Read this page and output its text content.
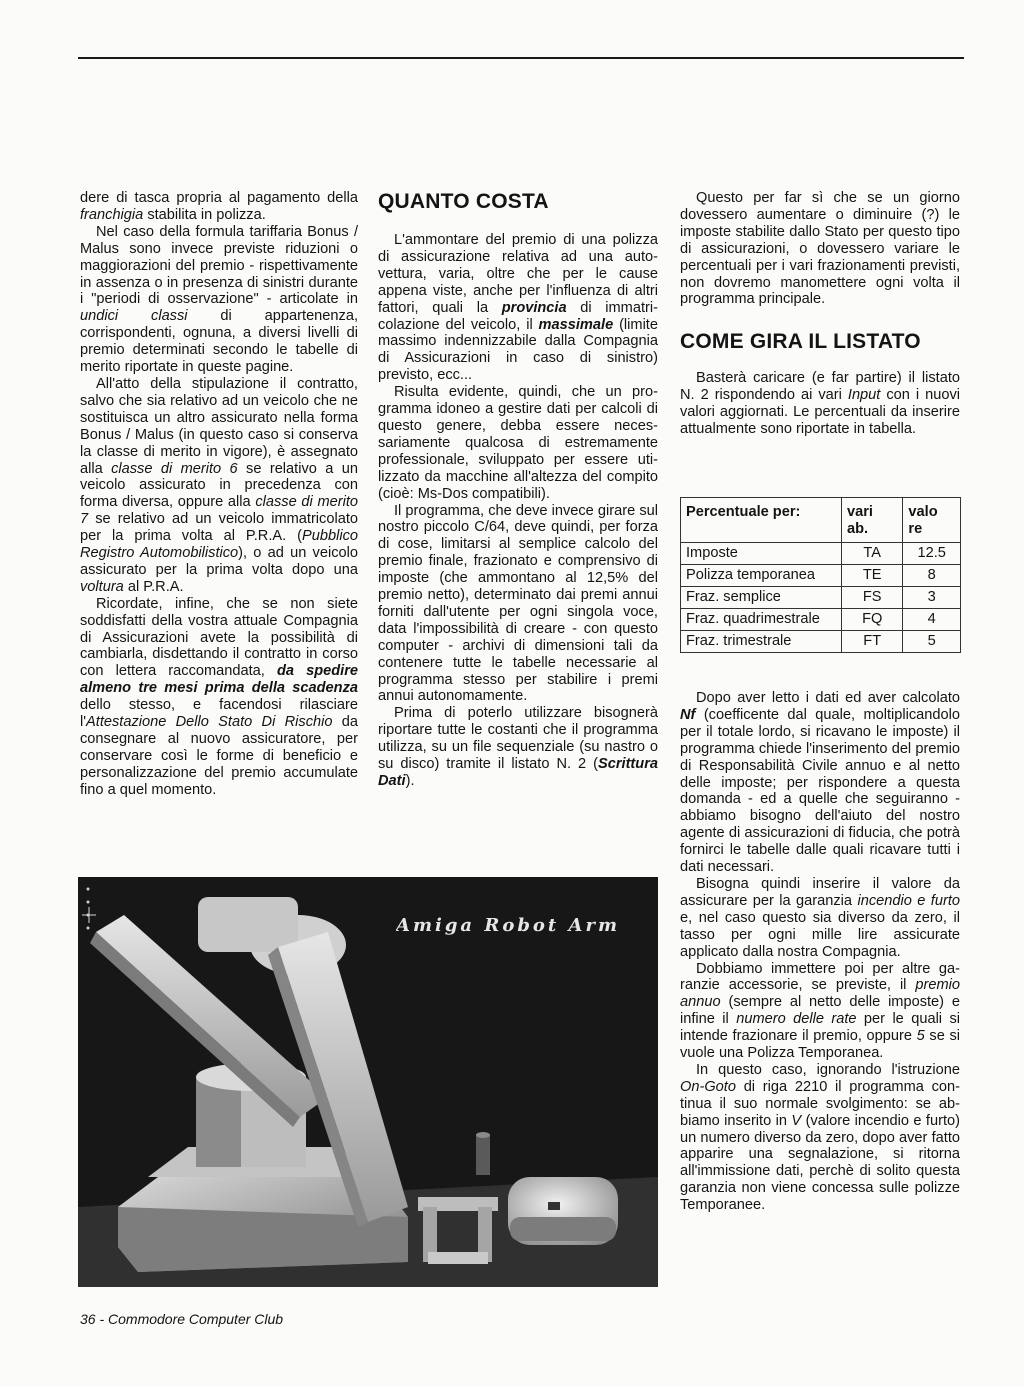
dere di tasca propria al pagamento della franchigia stabilita in polizza.

Nel caso della formula tariffaria Bonus / Malus sono invece previste riduzioni o maggiorazioni del premio - rispettivamente in assenza o in presenza di sinistri durante i "periodi di osservazione" - articolate in undici classi di appartenenza, corrispondenti, ognuna, a diversi livelli di premio determinati secondo le tabelle di merito riportate in queste pagine.

All'atto della stipulazione il contratto, salvo che sia relativo ad un veicolo che ne sostituisca un altro assicurato nella forma Bonus / Malus (in questo caso si conserva la classe di merito in vigore), è assegnato alla classe di merito 6 se relativo a un veicolo assicurato in precedenza con forma diversa, oppure alla classe di merito 7 se relativo ad un veicolo immatricolato per la prima volta al P.R.A. (Pubblico Registro Automobilistico), o ad un veicolo assicurato per la prima volta dopo una voltura al P.R.A.

Ricordate, infine, che se non siete soddisfatti della vostra attuale Compagnia di Assicurazioni avete la possibilità di cambiarla, disdettando il contratto in corso con lettera raccomandata, da spedire almeno tre mesi prima della scadenza dello stesso, e facendosi rilasciare l'Attestazione Dello Stato Di Rischio da consegnare al nuovo assicuratore, per conservare così le forme di beneficio e personalizzazione del premio accumulate fino a quel momento.

QUANTO COSTA

L'ammontare del premio di una polizza di assicurazione relativa ad una autovettura, varia, oltre che per le cause appena viste, anche per l'influenza di altri fattori, quali la provincia di immatricolazione del veicolo, il massimale (limite massimo indennizzabile dalla Compagnia di Assicurazioni in caso di sinistro) previsto, ecc...

Risulta evidente, quindi, che un programma idoneo a gestire dati per calcoli di questo genere, debba essere necessariamente qualcosa di estremamente professionale, sviluppato per essere utilizzato da macchine all'altezza del compito (cioè: Ms-Dos compatibili).

Il programma, che deve invece girare sul nostro piccolo C/64, deve quindi, per forza di cose, limitarsi al semplice calcolo del premio finale, frazionato e comprensivo di imposte (che ammontano al 12,5% del premio netto), determinato dai premi annui forniti dall'utente per ogni singola voce, data l'impossibilità di creare - con questo computer - archivi di dimensioni tali da contenere tutte le tabelle necessarie al programma stesso per stabilire i premi annui autonomamente.

Prima di poterlo utilizzare bisognerà riportare tutte le costanti che il programma utilizza, su un file sequenziale (su nastro o su disco) tramite il listato N. 2 (Scrittura Dati).

Questo per far sì che se un giorno dovessero aumentare o diminuire (?) le imposte stabilite dallo Stato per questo tipo di assicurazioni, o dovessero variare le percentuali per i vari frazionamenti previsti, non dovremo manomettere ogni volta il programma principale.

COME GIRA IL LISTATO

Basterà caricare (e far partire) il listato N. 2 rispondendo ai vari Input con i nuovi valori aggiornati. Le percentuali da inserire attualmente sono riportate in tabella.

Percentuale per:	vari ab.	valo re
Imposte	TA	12.5
Polizza temporanea	TE	8
Fraz. semplice	FS	3
Fraz. quadrimestrale	FQ	4
Fraz. trimestrale	FT	5

Dopo aver letto i dati ed aver calcolato Nf (coefficente dal quale, moltiplicandolo per il totale lordo, si ricavano le imposte) il programma chiede l'inserimento del premio di Responsabilità Civile annuo e al netto delle imposte; per rispondere a questa domanda - ed a quelle che seguiranno - abbiamo bisogno dell'aiuto del nostro agente di assicurazioni di fiducia, che potrà fornirci le tabelle dalle quali ricavare tutti i dati necessari.

Bisogna quindi inserire il valore da assicurare per la garanzia incendio e furto e, nel caso questo sia diverso da zero, il tasso per ogni mille lire assicurate applicato dalla nostra Compagnia.

Dobbiamo immettere poi per altre garanzie accessorie, se previste, il premio annuo (sempre al netto delle imposte) e infine il numero delle rate per le quali si intende frazionare il premio, oppure 5 se si vuole una Polizza Temporanea.

In questo caso, ignorando l'istruzione On-Goto di riga 2210 il programma continua il suo normale svolgimento: se abbiamo inserito in V (valore incendio e furto) un numero diverso da zero, dopo aver fatto apparire una segnalazione, si ritorna all'immissione dati, perchè di solito questa garanzia non viene concessa sulle polizze Temporanee.

Amiga Robot Arm
36 - Commodore Computer Club
